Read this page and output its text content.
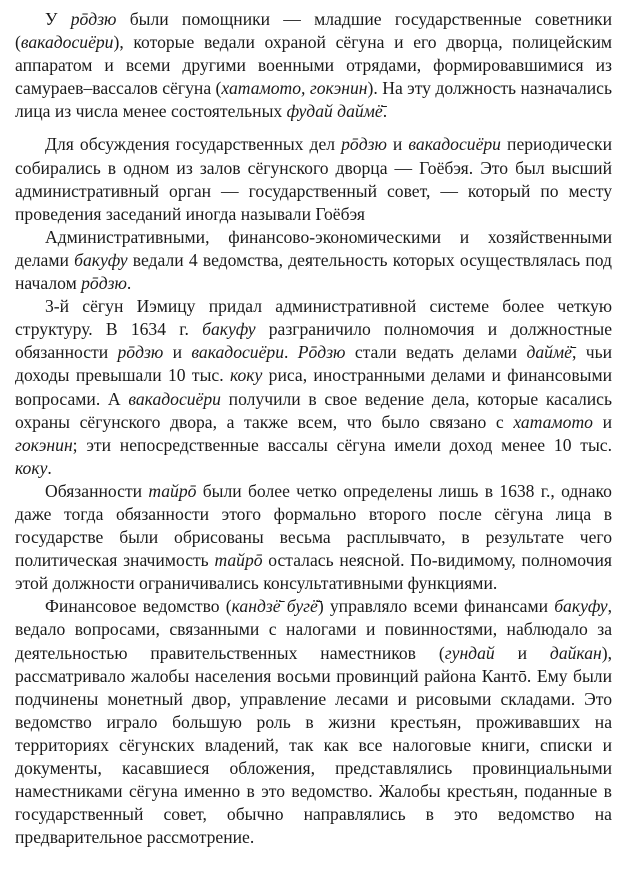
У рōдзю были помощники — младшие государственные советники (вакадосиёри), которые ведали охраной сёгуна и его дворца, полицейским аппаратом и всеми другими военными отрядами, формировавшимися из самураев–вассалов сёгуна (хатамото, гокэнин). На эту должность назначались лица из числа менее состоятельных фудай даймё̄.

Для обсуждения государственных дел рōдзю и вакадосиёри периодически собирались в одном из залов сёгунского дворца — Гоёбэя. Это был высший административный орган — государственный совет, — который по месту проведения заседаний иногда называли Гоёбэя

Административными, финансово-экономическими и хозяйственными делами бакуфу ведали 4 ведомства, деятельность которых осуществлялась под началом рōдзю.

3-й сёгун Иэмицу придал административной системе более четкую структуру. В 1634 г. бакуфу разграничило полномочия и должностные обязанности рōдзю и вакадосиёри. Рōдзю стали ведать делами даймё̄, чьи доходы превышали 10 тыс. коку риса, иностранными делами и финансовыми вопросами. А вакадосиёри получили в свое ведение дела, которые касались охраны сёгунского двора, а также всем, что было связано с хатамото и гокэнин; эти непосредственные вассалы сёгуна имели доход менее 10 тыс. коку.

Обязанности тайрō были более четко определены лишь в 1638 г., однако даже тогда обязанности этого формально второго после сёгуна лица в государстве были обрисованы весьма расплывчато, в результате чего политическая значимость тайрō осталась неясной. По-видимому, полномочия этой должности ограничивались консультативными функциями.

Финансовое ведомство (кандзё̄ бугё̄) управляло всеми финансами бакуфу, ведало вопросами, связанными с налогами и повинностями, наблюдало за деятельностью правительственных наместников (гундай и дайкан), рассматривало жалобы населения восьми провинций района Кантō. Ему были подчинены монетный двор, управление лесами и рисовыми складами. Это ведомство играло большую роль в жизни крестьян, проживавших на территориях сёгунских владений, так как все налоговые книги, списки и документы, касавшиеся обложения, представлялись провинциальными наместниками сёгуна именно в это ведомство. Жалобы крестьян, поданные в государственный совет, обычно направлялись в это ведомство на предварительное рассмотрение.
